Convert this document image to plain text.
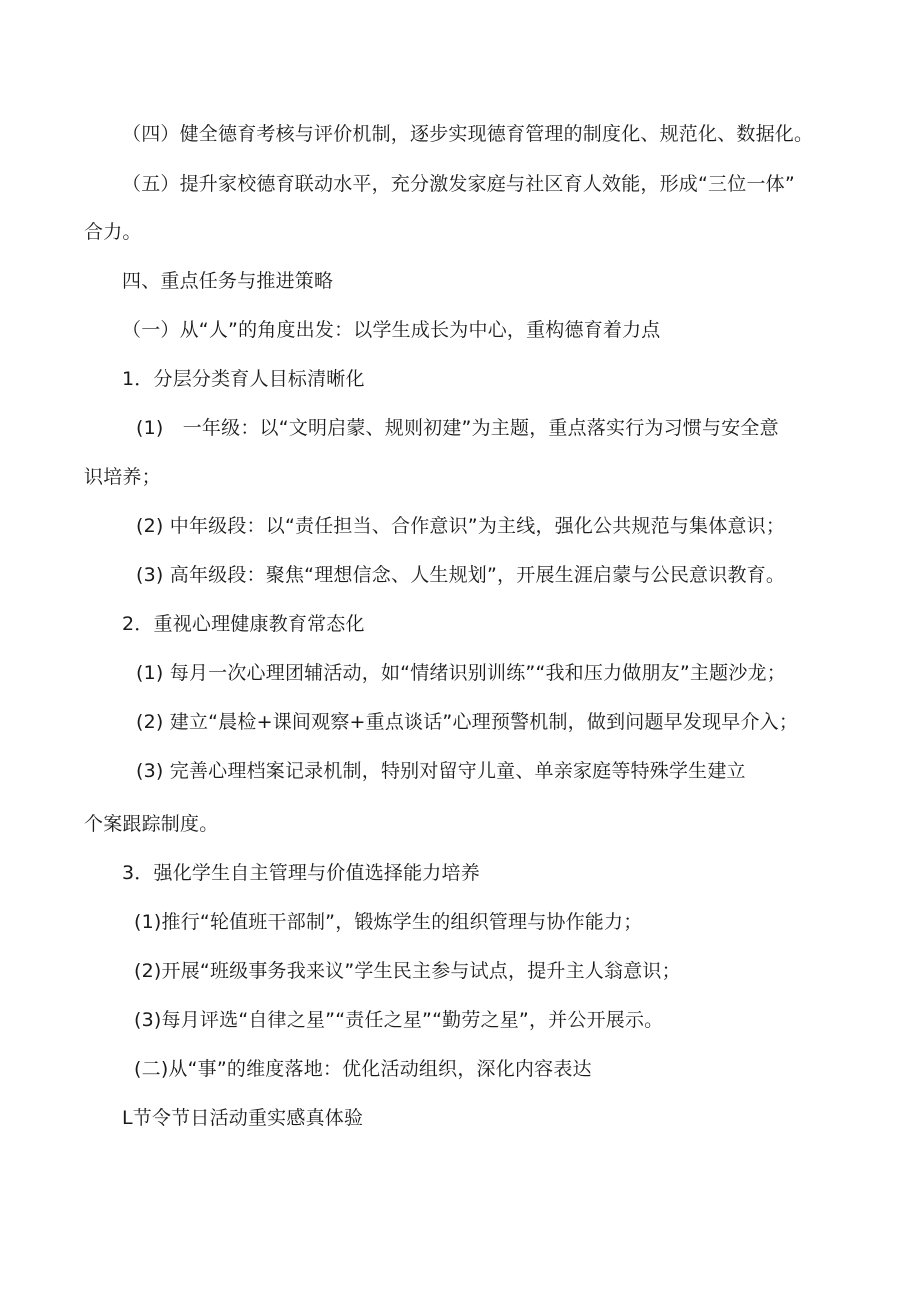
（四）健全德育考核与评价机制，逐步实现德育管理的制度化、规范化、数据化。
（五）提升家校德育联动水平，充分激发家庭与社区育人效能，形成“三位一体”
合力。
四、重点任务与推进策略
（一）从“人”的角度出发：以学生成长为中心，重构德育着力点
1．分层分类育人目标清晰化
(1)　一年级：以“文明启蒙、规则初建”为主题，重点落实行为习惯与安全意
识培养；
(2) 中年级段：以“责任担当、合作意识”为主线，强化公共规范与集体意识；
(3) 高年级段：聚焦“理想信念、人生规划”，开展生涯启蒙与公民意识教育。
2．重视心理健康教育常态化
(1) 每月一次心理团辅活动，如“情绪识别训练”“我和压力做朋友”主题沙龙；
(2) 建立“晨检+课间观察+重点谈话”心理预警机制，做到问题早发现早介入；
(3) 完善心理档案记录机制，特别对留守儿童、单亲家庭等特殊学生建立
个案跟踪制度。
3．强化学生自主管理与价值选择能力培养
(1)推行“轮值班干部制”，锻炼学生的组织管理与协作能力；
(2)开展“班级事务我来议”学生民主参与试点，提升主人翁意识；
(3)每月评选“自律之星”“责任之星”“勤劳之星”，并公开展示。
(二)从“事”的维度落地：优化活动组织，深化内容表达
L节令节日活动重实感真体验
